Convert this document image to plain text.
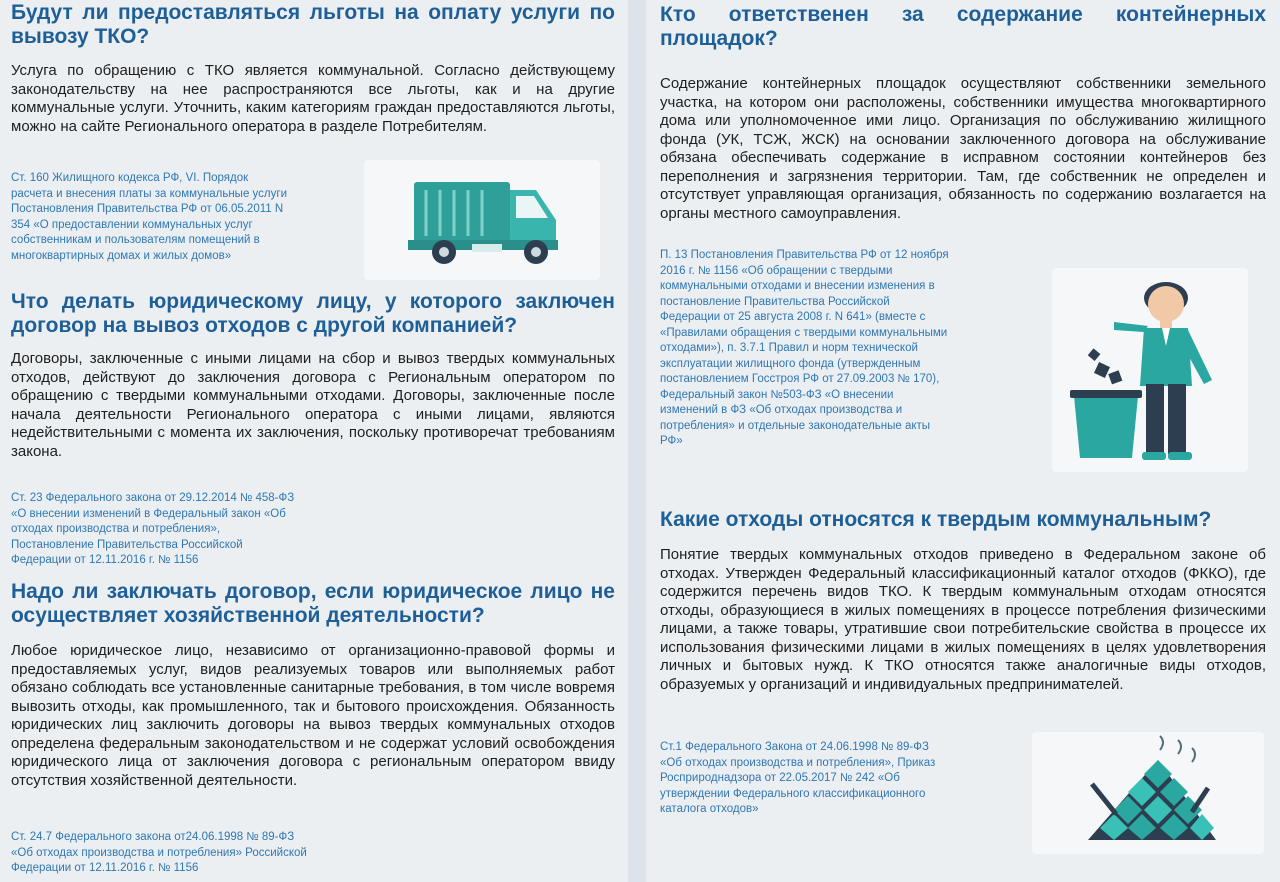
Будут ли предоставляться льготы на оплату услуги по вывозу ТКО?

Услуга по обращению с ТКО является коммунальной. Согласно действующему законодательству на нее распространяются все льготы, как и на другие коммунальные услуги. Уточнить, каким категориям граждан предоставляются льготы, можно на сайте Регионального оператора в разделе Потребителям.

Ст. 160 Жилищного кодекса РФ, VI. Порядок расчета и внесения платы за коммунальные услуги Постановления Правительства РФ от 06.05.2011 N 354 «О предоставлении коммунальных услуг собственникам и пользователям помещений в многоквартирных домах и жилых домов»

Что делать юридическому лицу, у которого заключен договор на вывоз отходов с другой компанией?

Договоры, заключенные с иными лицами на сбор и вывоз твердых коммунальных отходов, действуют до заключения договора с Региональным оператором по обращению с твердыми коммунальными отходами. Договоры, заключенные после начала деятельности Регионального оператора с иными лицами, являются недействительными с момента их заключения, поскольку противоречат требованиям закона.

Ст. 23 Федерального закона от 29.12.2014 № 458-ФЗ «О внесении изменений в Федеральный закон «Об отходах производства и потребления», Постановление Правительства Российской Федерации от 12.11.2016 г. № 1156

Надо ли заключать договор, если юридическое лицо не осуществляет хозяйственной деятельности?

Любое юридическое лицо, независимо от организационно-правовой формы и предоставляемых услуг, видов реализуемых товаров или выполняемых работ обязано соблюдать все установленные санитарные требования, в том числе вовремя вывозить отходы, как промышленного, так и бытового происхождения. Обязанность юридических лиц заключить договоры на вывоз твердых коммунальных отходов определена федеральным законодательством и не содержат условий освобождения юридического лица от заключения договора с региональным оператором ввиду отсутствия хозяйственной деятельности.

Ст. 24.7 Федерального закона от24.06.1998 № 89-ФЗ «Об отходах производства и потребления» Российской Федерации от 12.11.2016 г. № 1156

Кто ответственен за содержание контейнерных площадок?

Содержание контейнерных площадок осуществляют собственники земельного участка, на котором они расположены, собственники имущества многоквартирного дома или уполномоченное ими лицо. Организация по обслуживанию жилищного фонда (УК, ТСЖ, ЖСК) на основании заключенного договора на обслуживание обязана обеспечивать содержание в исправном состоянии контейнеров без переполнения и загрязнения территории. Там, где собственник не определен и отсутствует управляющая организация, обязанность по содержанию возлагается на органы местного самоуправления.

П. 13 Постановления Правительства РФ от 12 ноября 2016 г. № 1156 «Об обращении с твердыми коммунальными отходами и внесении изменения в постановление Правительства Российской Федерации от 25 августа 2008 г. N 641» (вместе с «Правилами обращения с твердыми коммунальными отходами»), п. 3.7.1 Правил и норм технической эксплуатации жилищного фонда (утвержденным постановлением Госстроя РФ от 27.09.2003 № 170), Федеральный закон №503-ФЗ «О внесении изменений в ФЗ «Об отходах производства и потребления» и отдельные законодательные акты РФ»

Какие отходы относятся к твердым коммунальным?

Понятие твердых коммунальных отходов приведено в Федеральном законе об отходах. Утвержден Федеральный классификационный каталог отходов (ФККО), где содержится перечень видов ТКО. К твердым коммунальным отходам относятся отходы, образующиеся в жилых помещениях в процессе потребления физическими лицами, а также товары, утратившие свои потребительские свойства в процессе их использования физическими лицами в жилых помещениях в целях удовлетворения личных и бытовых нужд. К ТКО относятся также аналогичные виды отходов, образуемых у организаций и индивидуальных предпринимателей.

Ст.1 Федерального Закона от 24.06.1998 № 89-ФЗ «Об отходах производства и потребления», Приказ Росприроднадзора от 22.05.2017 № 242 «Об утверждении Федерального классификационного каталога отходов»
